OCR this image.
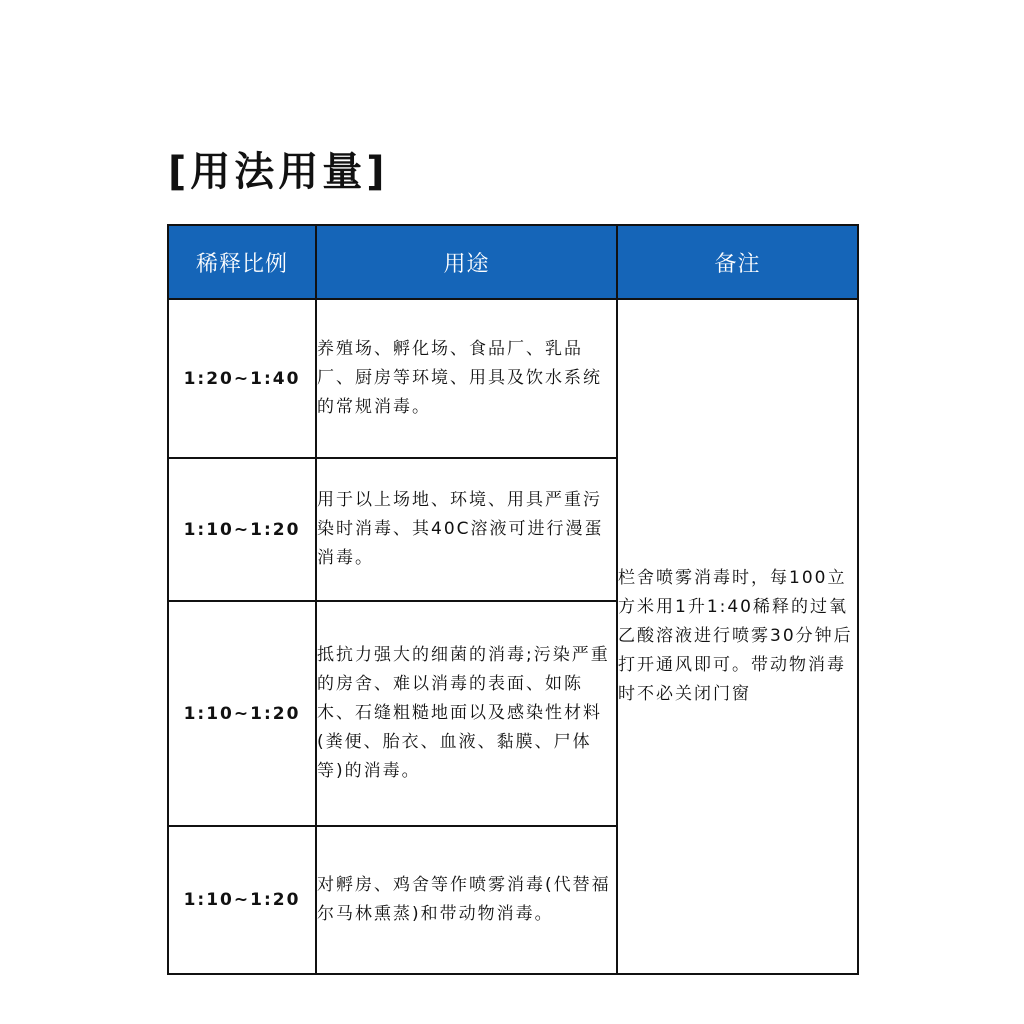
[用法用量]
稀释比例	用途	备注
1:20~1:40	养殖场、孵化场、食品厂、乳品厂、厨房等环境、用具及饮水系统的常规消毒。	栏舍喷雾消毒时，每100立方米用1升1:40稀释的过氧乙酸溶液进行喷雾30分钟后打开通风即可。带动物消毒时不必关闭门窗
1:10~1:20	用于以上场地、环境、用具严重污染时消毒、其40C溶液可进行漫蛋消毒。	
1:10~1:20	抵抗力强大的细菌的消毒;污染严重的房舍、难以消毒的表面、如陈木、石缝粗糙地面以及感染性材料(粪便、胎衣、血液、黏膜、尸体等)的消毒。	
1:10~1:20	对孵房、鸡舍等作喷雾消毒(代替福尔马林熏蒸)和带动物消毒。	
